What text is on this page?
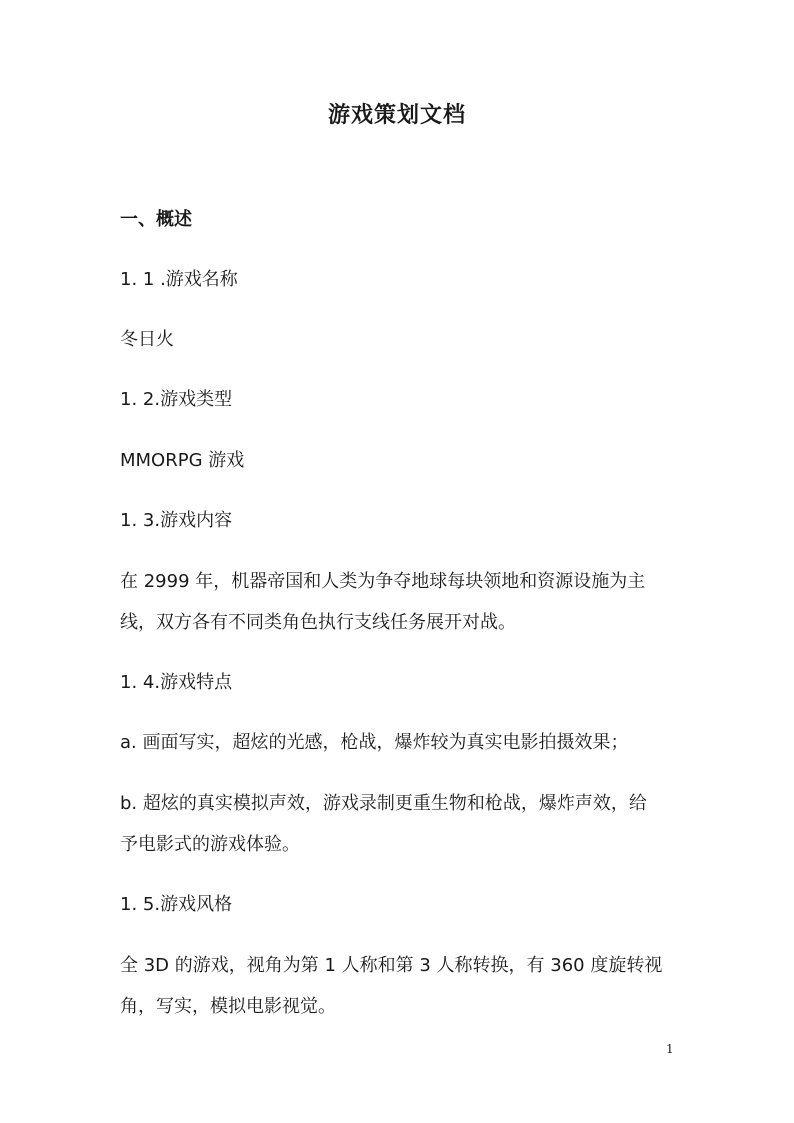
游戏策划文档
一、概述
1. 1 .游戏名称
冬日火
1. 2.游戏类型
MMORPG 游戏
1. 3.游戏内容
在 2999 年，机器帝国和人类为争夺地球每块领地和资源设施为主
线，双方各有不同类角色执行支线任务展开对战。
1. 4.游戏特点
a. 画面写实，超炫的光感，枪战，爆炸较为真实电影拍摄效果；
b. 超炫的真实模拟声效，游戏录制更重生物和枪战，爆炸声效，给
予电影式的游戏体验。
1. 5.游戏风格
全 3D 的游戏，视角为第 1 人称和第 3 人称转换，有 360 度旋转视
角，写实，模拟电影视觉。
1
